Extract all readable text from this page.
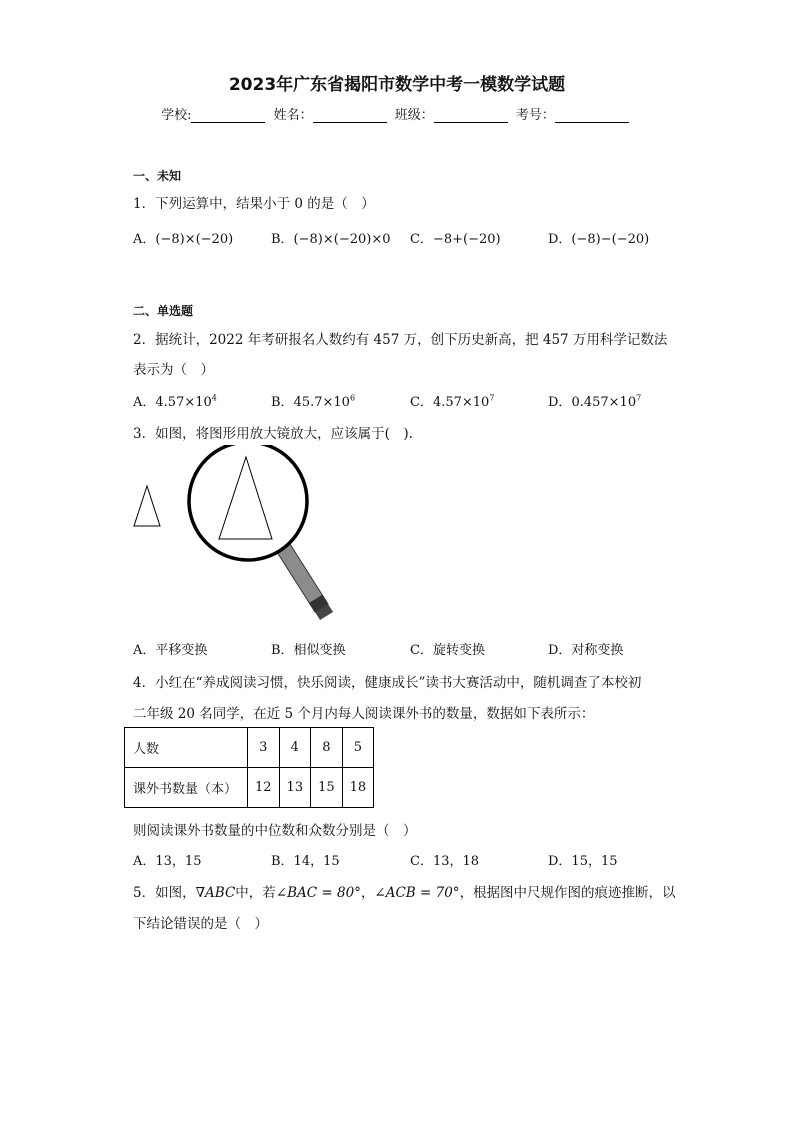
2023年广东省揭阳市数学中考一模数学试题
学校:	姓名：	班级：	考号：
一、未知
1．下列运算中，结果小于 0 的是（　）
A．(−8)×(−20)	B．(−8)×(−20)×0 C．−8+(−20)	D．(−8)−(−20)
二、单选题
2．据统计，2022 年考研报名人数约有 457 万，创下历史新高，把 457 万用科学记数法
表示为（　）
A．$4.57\times 10^4$	B．$45.7\times 10^6$	C．$4.57\times 10^7$	D．$0.457\times 10^7$
3．如图，将图形用放大镜放大，应该属于(　).
A．平移变换	B．相似变换	C．旋转变换	D．对称变换
4．小红在“养成阅读习惯，快乐阅读，健康成长”读书大赛活动中，随机调查了本校初
二年级 20 名同学，在近 5 个月内每人阅读课外书的数量，数据如下表所示：
人数	3	4	8	5
课外书数量（本）	12	13	15	18
则阅读课外书数量的中位数和众数分别是（　）
A．13，15	B．14，15	C．13，18	D．15，15
5．如图，∇ABC中，若∠BAC = 80°，∠ACB = 70°，根据图中尺规作图的痕迹推断，以
下结论错误的是（　）
